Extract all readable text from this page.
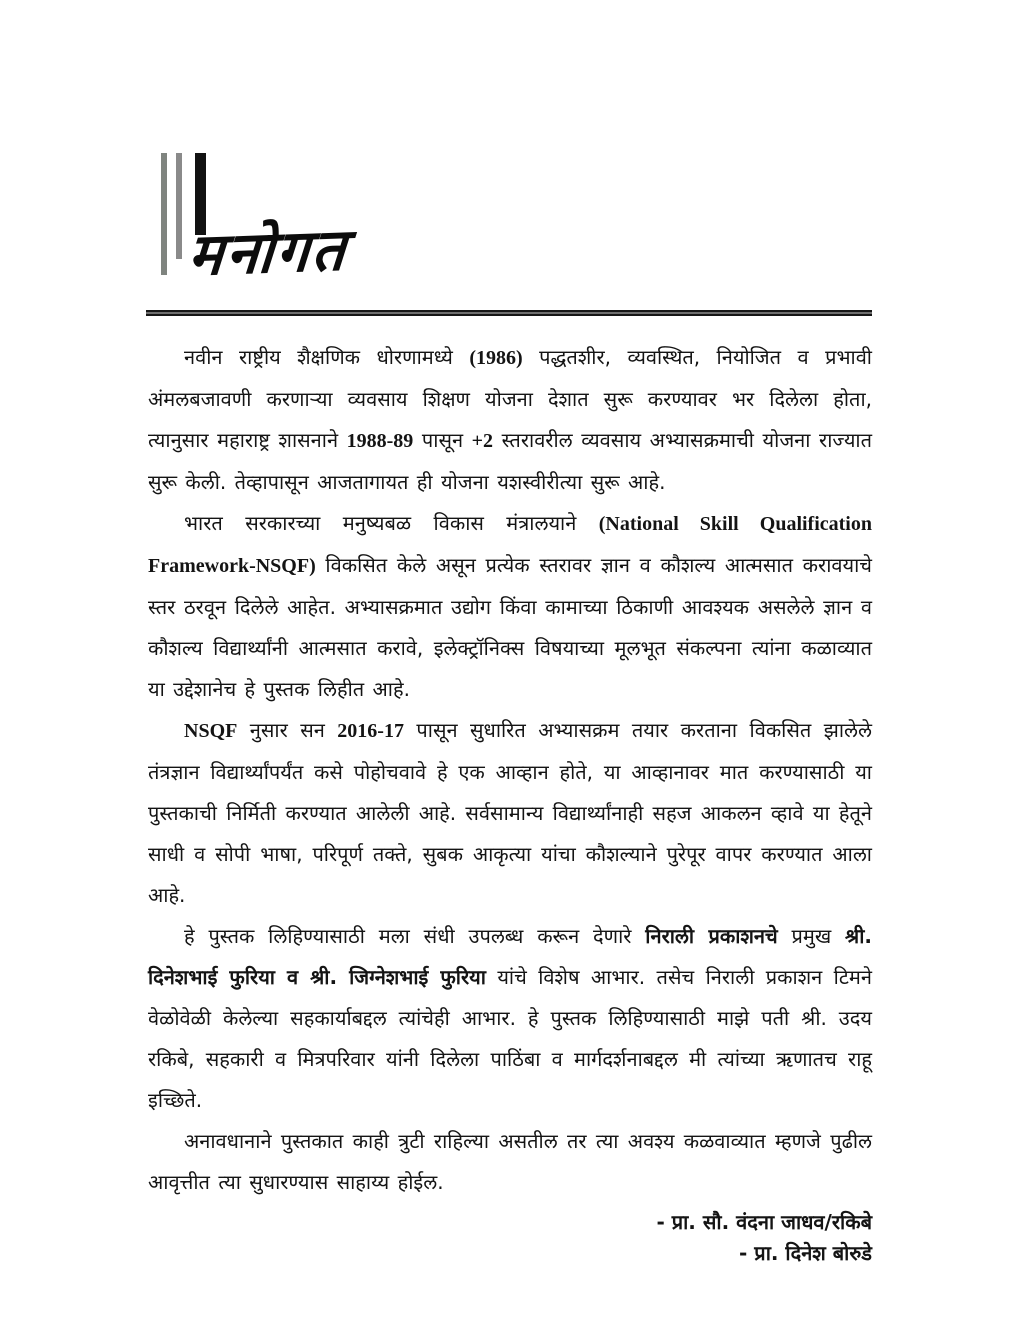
मनोगत

नवीन राष्ट्रीय शैक्षणिक धोरणामध्ये (1986) पद्धतशीर, व्यवस्थित, नियोजित व प्रभावी अंमलबजावणी करणाऱ्या व्यवसाय शिक्षण योजना देशात सुरू करण्यावर भर दिलेला होता, त्यानुसार महाराष्ट्र शासनाने 1988-89 पासून +2 स्तरावरील व्यवसाय अभ्यासक्रमाची योजना राज्यात सुरू केली. तेव्हापासून आजतागायत ही योजना यशस्वीरीत्या सुरू आहे.

भारत सरकारच्या मनुष्यबळ विकास मंत्रालयाने (National Skill Qualification Framework-NSQF) विकसित केले असून प्रत्येक स्तरावर ज्ञान व कौशल्य आत्मसात करावयाचे स्तर ठरवून दिलेले आहेत. अभ्यासक्रमात उद्योग किंवा कामाच्या ठिकाणी आवश्यक असलेले ज्ञान व कौशल्य विद्यार्थ्यांनी आत्मसात करावे, इलेक्ट्रॉनिक्स विषयाच्या मूलभूत संकल्पना त्यांना कळाव्यात या उद्देशानेच हे पुस्तक लिहीत आहे.

NSQF नुसार सन 2016-17 पासून सुधारित अभ्यासक्रम तयार करताना विकसित झालेले तंत्रज्ञान विद्यार्थ्यांपर्यंत कसे पोहोचवावे हे एक आव्हान होते, या आव्हानावर मात करण्यासाठी या पुस्तकाची निर्मिती करण्यात आलेली आहे. सर्वसामान्य विद्यार्थ्यांनाही सहज आकलन व्हावे या हेतूने साधी व सोपी भाषा, परिपूर्ण तक्ते, सुबक आकृत्या यांचा कौशल्याने पुरेपूर वापर करण्यात आला आहे.

हे पुस्तक लिहिण्यासाठी मला संधी उपलब्ध करून देणारे निराली प्रकाशनचे प्रमुख श्री. दिनेशभाई फुरिया व श्री. जिग्नेशभाई फुरिया यांचे विशेष आभार. तसेच निराली प्रकाशन टिमने वेळोवेळी केलेल्या सहकार्याबद्दल त्यांचेही आभार. हे पुस्तक लिहिण्यासाठी माझे पती श्री. उदय रकिबे, सहकारी व मित्रपरिवार यांनी दिलेला पाठिंबा व मार्गदर्शनाबद्दल मी त्यांच्या ऋणातच राहू इच्छिते.

अनावधानाने पुस्तकात काही त्रुटी राहिल्या असतील तर त्या अवश्य कळवाव्यात म्हणजे पुढील आवृत्तीत त्या सुधारण्यास साहाय्य होईल.

- प्रा. सौ. वंदना जाधव/रकिबे

- प्रा. दिनेश बोरुडे
